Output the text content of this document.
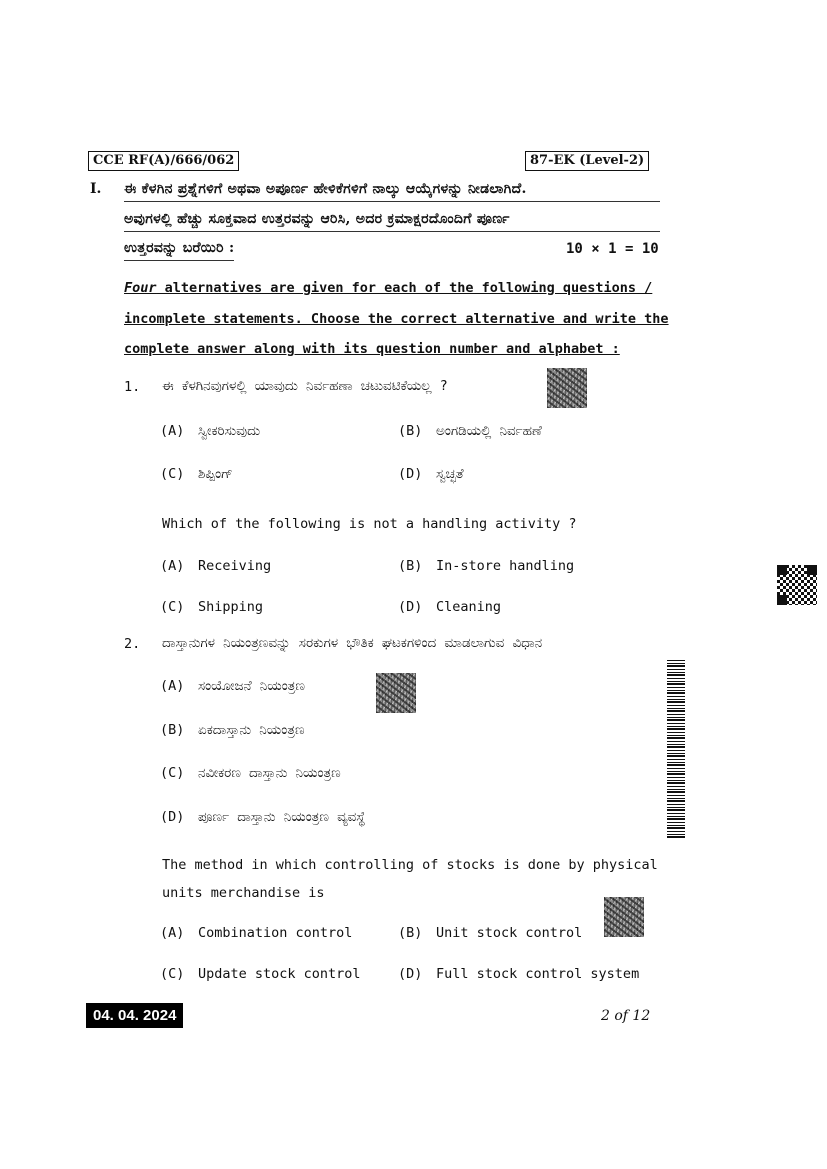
CCE RF(A)/666/062	87-EK (Level-2)
I. ಈ ಕೆಳಗಿನ ಪ್ರಶ್ನೆಗಳಿಗೆ ಅಥವಾ ಅಪೂರ್ಣ ಹೇಳಿಕೆಗಳಿಗೆ ನಾಲ್ಕು ಆಯ್ಕೆಗಳನ್ನು ನೀಡಲಾಗಿದೆ.
ಅವುಗಳಲ್ಲಿ ಹೆಚ್ಚು ಸೂಕ್ತವಾದ ಉತ್ತರವನ್ನು ಆರಿಸಿ, ಅದರ ಕ್ರಮಾಕ್ಷರದೊಂದಿಗೆ ಪೂರ್ಣ
ಉತ್ತರವನ್ನು ಬರೆಯಿರಿ :	10 × 1 = 10
Four alternatives are given for each of the following questions /
incomplete statements. Choose the correct alternative and write the
complete answer along with its question number and alphabet :
1. ಈ ಕೆಳಗಿನವುಗಳಲ್ಲಿ ಯಾವುದು ನಿರ್ವಹಣಾ ಚಟುವಟಿಕೆಯಲ್ಲ ?
(A) ಸ್ವೀಕರಿಸುವುದು	(B) ಅಂಗಡಿಯಲ್ಲಿ ನಿರ್ವಹಣೆ
(C) ಶಿಪ್ಪಿಂಗ್	(D) ಸ್ವಚ್ಛತೆ
Which of the following is not a handling activity ?
(A) Receiving	(B) In-store handling
(C) Shipping	(D) Cleaning
2. ದಾಸ್ತಾನುಗಳ ನಿಯಂತ್ರಣವನ್ನು ಸರಕುಗಳ ಭೌತಿಕ ಘಟಕಗಳಿಂದ ಮಾಡಲಾಗುವ ವಿಧಾನ
(A) ಸಂಯೋಜನೆ ನಿಯಂತ್ರಣ
(B) ಏಕದಾಸ್ತಾನು ನಿಯಂತ್ರಣ
(C) ನವೀಕರಣ ದಾಸ್ತಾನು ನಿಯಂತ್ರಣ
(D) ಪೂರ್ಣ ದಾಸ್ತಾನು ನಿಯಂತ್ರಣ ವ್ಯವಸ್ಥೆ
The method in which controlling of stocks is done by physical
units merchandise is
(A) Combination control	(B) Unit stock control
(C) Update stock control	(D) Full stock control system
04. 04. 2024	2 of 12
